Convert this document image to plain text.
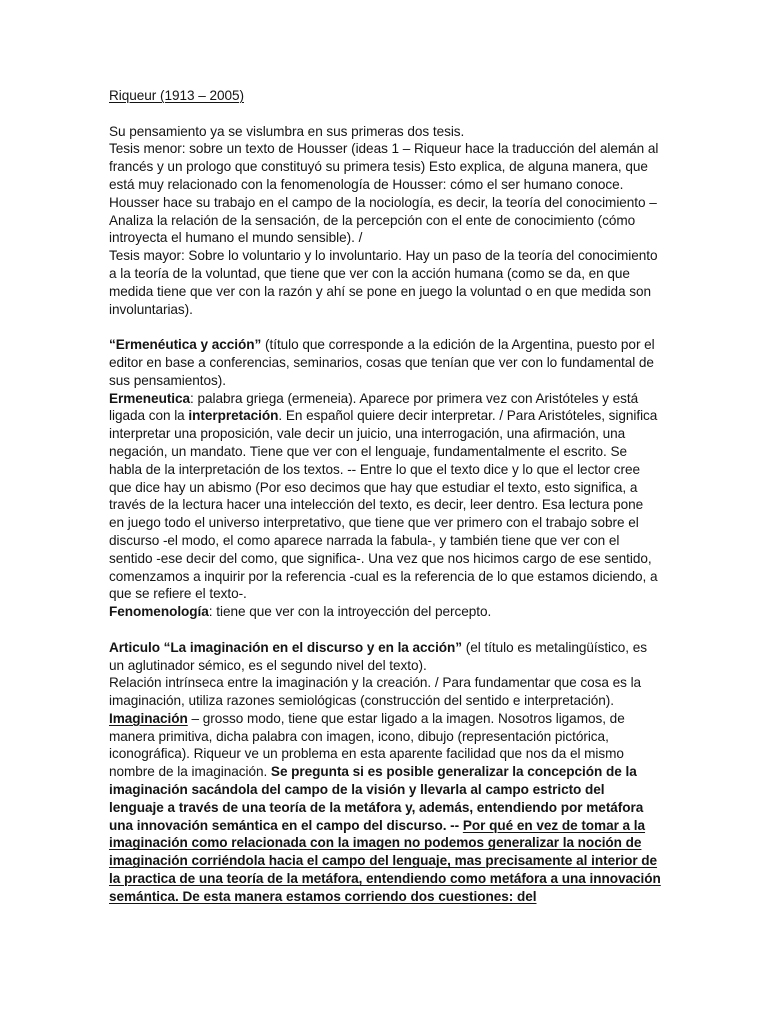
Riqueur (1913 – 2005)

Su pensamiento ya se vislumbra en sus primeras dos tesis.

Tesis menor: sobre un texto de Housser (ideas 1 – Riqueur hace la traducción del alemán al francés y un prologo que constituyó su primera tesis) Esto explica, de alguna manera, que está muy relacionado con la fenomenología de Housser: cómo el ser humano conoce. Housser hace su trabajo en el campo de la nociología, es decir, la teoría del conocimiento – Analiza la relación de la sensación, de la percepción con el ente de conocimiento (cómo introyecta el humano el mundo sensible). /

Tesis mayor: Sobre lo voluntario y lo involuntario. Hay un paso de la teoría del conocimiento a la teoría de la voluntad, que tiene que ver con la acción humana (como se da, en que medida tiene que ver con la razón y ahí se pone en juego la voluntad o en que medida son involuntarias).

“Ermenéutica y acción” (título que corresponde a la edición de la Argentina, puesto por el editor en base a conferencias, seminarios, cosas que tenían que ver con lo fundamental de sus pensamientos).

Ermeneutica: palabra griega (ermeneia). Aparece por primera vez con Aristóteles y está ligada con la interpretación. En español quiere decir interpretar. / Para Aristóteles, significa interpretar una proposición, vale decir un juicio, una interrogación, una afirmación, una negación, un mandato. Tiene que ver con el lenguaje, fundamentalmente el escrito. Se habla de la interpretación de los textos. -- Entre lo que el texto dice y lo que el lector cree que dice hay un abismo (Por eso decimos que hay que estudiar el texto, esto significa, a través de la lectura hacer una intelección del texto, es decir, leer dentro. Esa lectura pone en juego todo el universo interpretativo, que tiene que ver primero con el trabajo sobre el discurso -el modo, el como aparece narrada la fabula-, y también tiene que ver con el sentido -ese decir del como, que significa-. Una vez que nos hicimos cargo de ese sentido, comenzamos a inquirir por la referencia -cual es la referencia de lo que estamos diciendo, a que se refiere el texto-.

Fenomenología: tiene que ver con la introyección del percepto.

Articulo “La imaginación en el discurso y en la acción” (el título es metalingüístico, es un aglutinador sémico, es el segundo nivel del texto).

Relación intrínseca entre la imaginación y la creación. / Para fundamentar que cosa es la imaginación, utiliza razones semiológicas (construcción del sentido e interpretación).

Imaginación – grosso modo, tiene que estar ligado a la imagen. Nosotros ligamos, de manera primitiva, dicha palabra con imagen, icono, dibujo (representación pictórica, iconográfica). Riqueur ve un problema en esta aparente facilidad que nos da el mismo nombre de la imaginación. Se pregunta si es posible generalizar la concepción de la imaginación sacándola del campo de la visión y llevarla al campo estricto del lenguaje a través de una teoría de la metáfora y, además, entendiendo por metáfora una innovación semántica en el campo del discurso. -- Por qué en vez de tomar a la imaginación como relacionada con la imagen no podemos generalizar la noción de imaginación corriéndola hacia el campo del lenguaje, mas precisamente al interior de la practica de una teoría de la metáfora, entendiendo como metáfora a una innovación semántica. De esta manera estamos corriendo dos cuestiones: del
